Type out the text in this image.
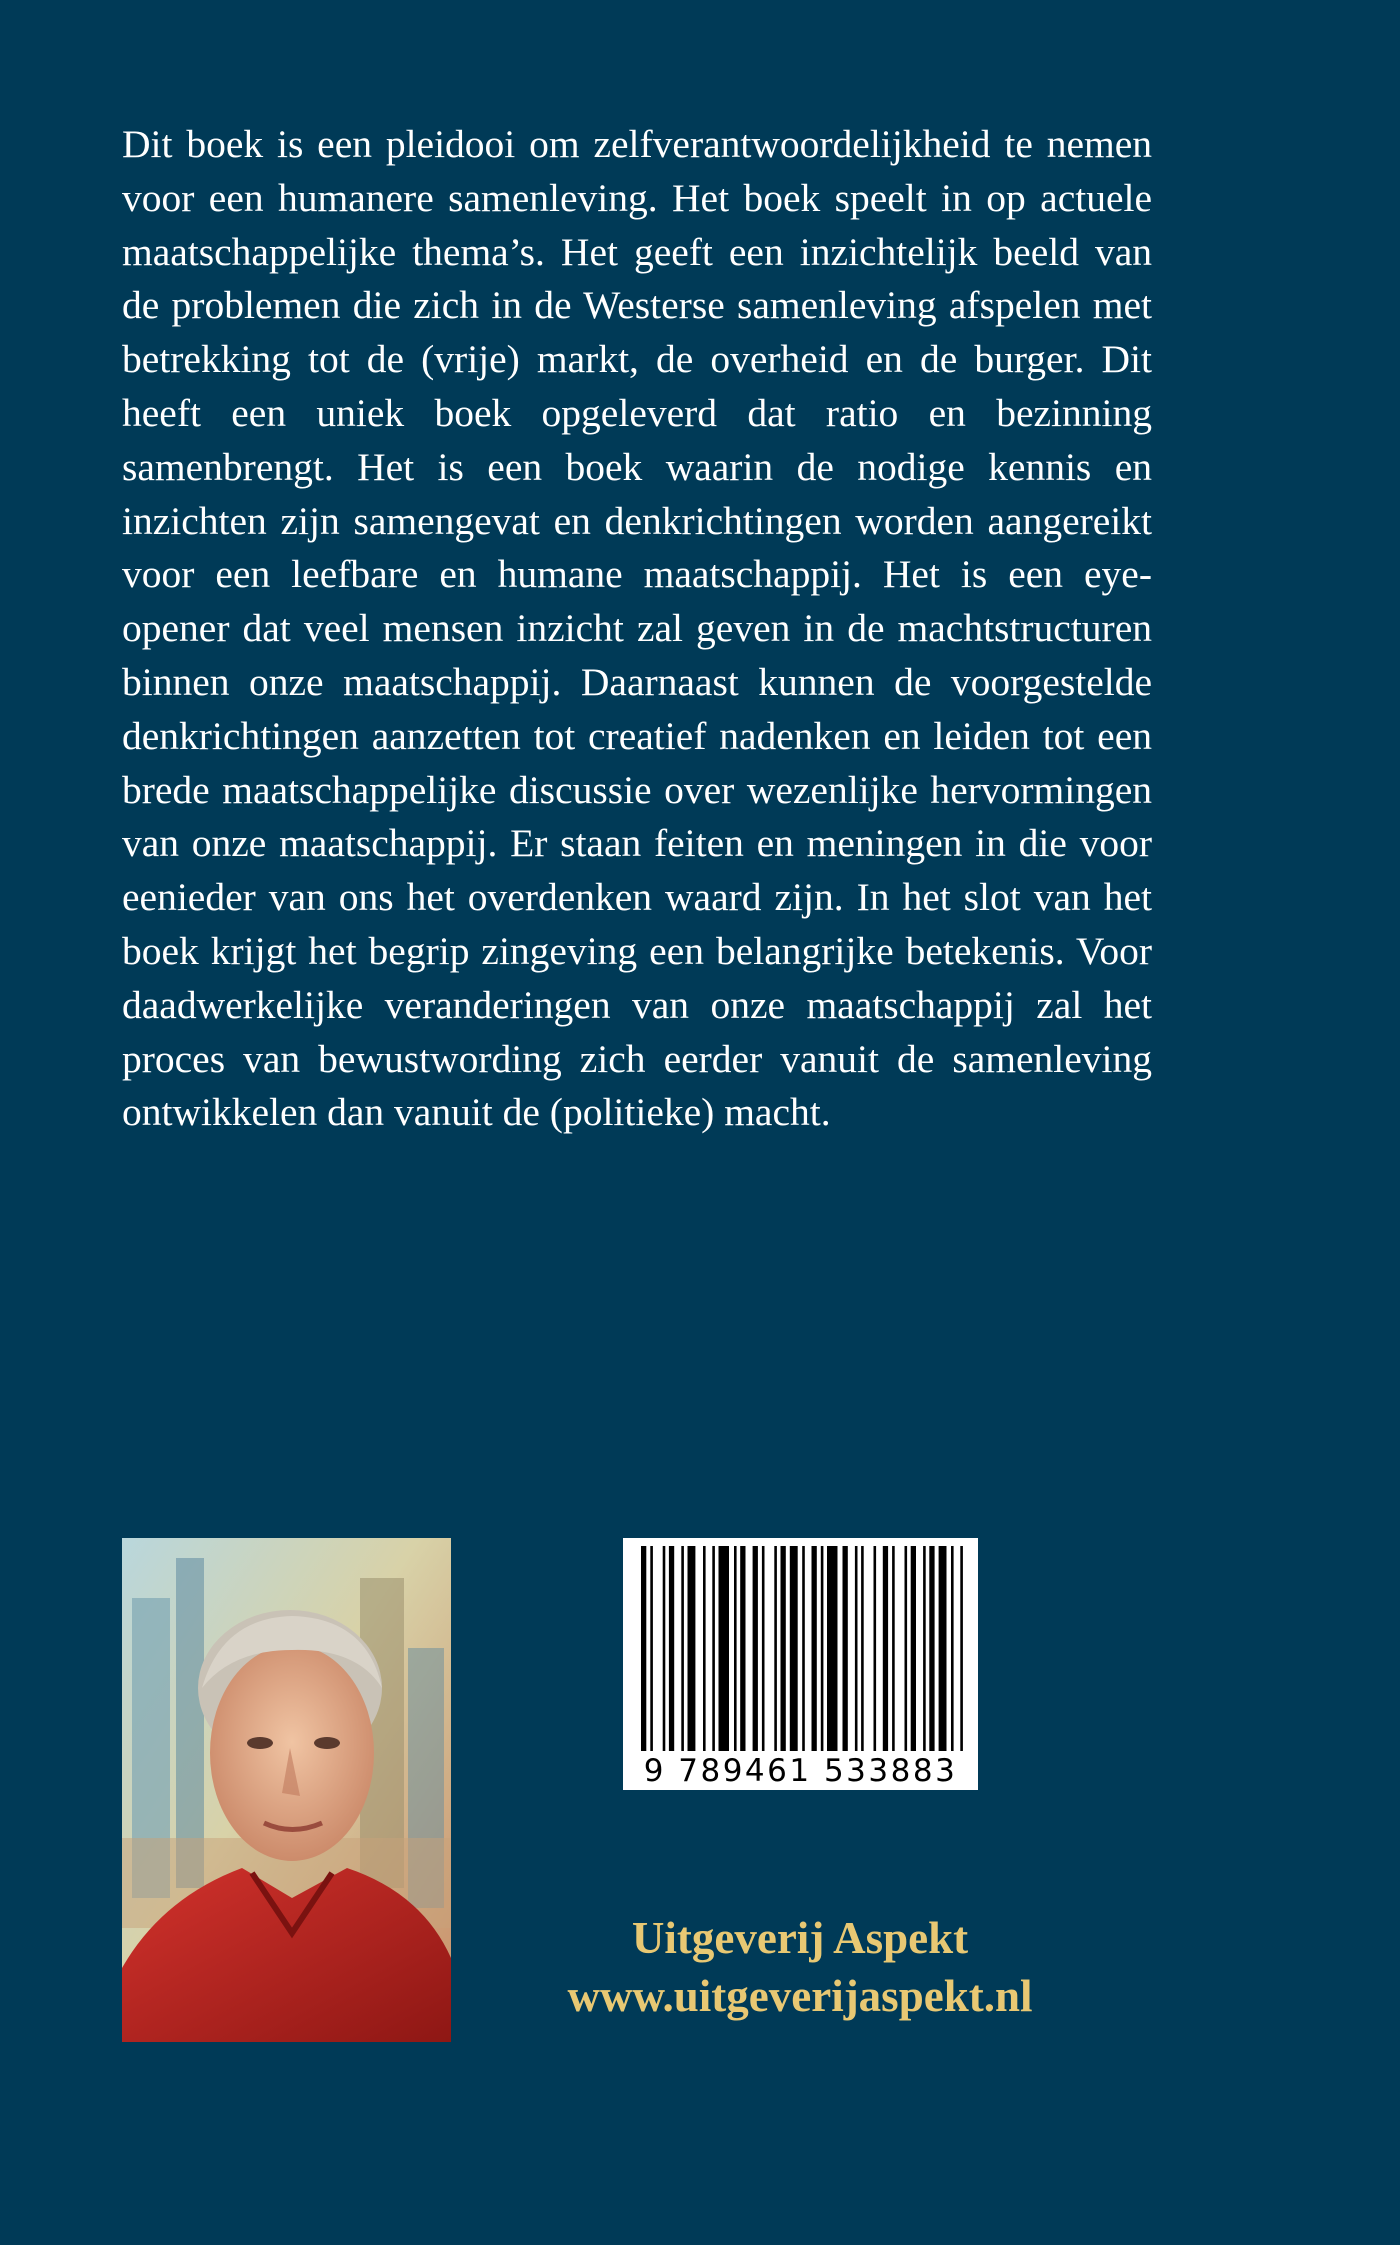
Dit boek is een pleidooi om zelfverantwoordelijkheid te nemen voor een humanere samenleving. Het boek speelt in op actuele maatschappelijke thema’s. Het geeft een inzichtelijk beeld van de problemen die zich in de Westerse samenleving afspelen met betrekking tot de (vrije) markt, de overheid en de burger. Dit heeft een uniek boek opgeleverd dat ratio en bezinning samenbrengt. Het is een boek waarin de nodige kennis en inzichten zijn samengevat en denkrichtingen worden aangereikt voor een leefbare en humane maatschappij. Het is een eye-opener dat veel mensen inzicht zal geven in de machtstructuren binnen onze maatschappij. Daarnaast kunnen de voorgestelde denkrichtingen aanzetten tot creatief nadenken en leiden tot een brede maatschappelijke discussie over wezenlijke hervormingen van onze maatschappij. Er staan feiten en meningen in die voor eenieder van ons het overdenken waard zijn. In het slot van het boek krijgt het begrip zingeving een belangrijke betekenis. Voor daadwerkelijke veranderingen van onze maatschappij zal het proces van bewustwording zich eerder vanuit de samenleving ontwikkelen dan vanuit de (politieke) macht.

9 789461 533883

Uitgeverij Aspekt

www.uitgeverijaspekt.nl
